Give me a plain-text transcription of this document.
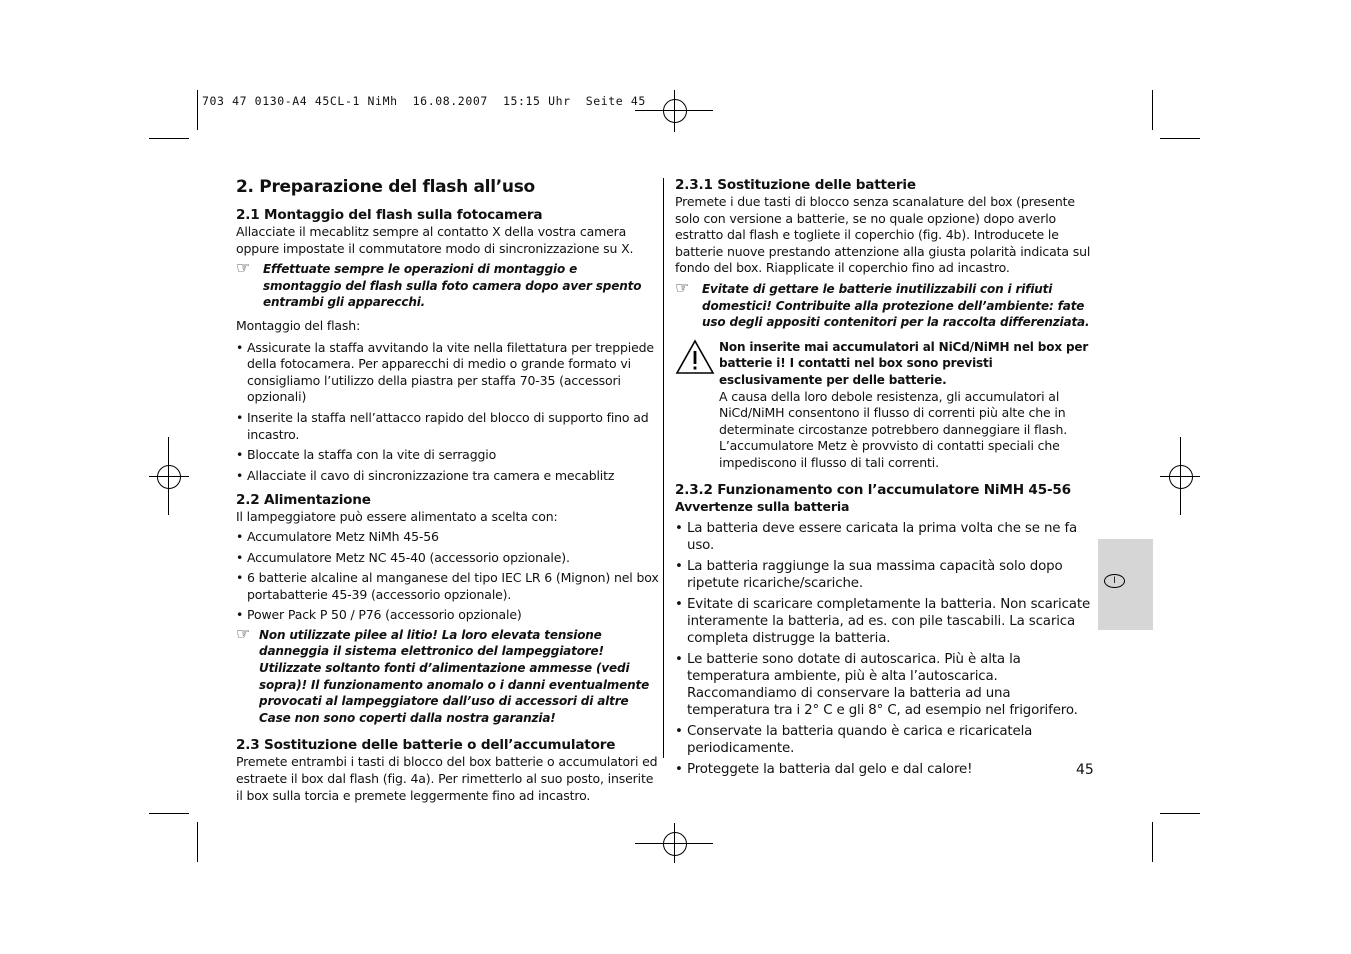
703 47 0130-A4 45CL-1 NiMh  16.08.2007  15:15 Uhr  Seite 45
I
45
2. Preparazione del flash all’uso
2.1 Montaggio del flash sulla fotocamera

Allacciate il mecablitz sempre al contatto X della vostra camera oppure impostate il commutatore modo di sincronizzazione su X.

☞ Effettuate sempre le operazioni di montaggio e smontaggio del flash sulla foto camera dopo aver spento entrambi gli apparecchi.

Montaggio del flash:

• Assicurate la staffa avvitando la vite nella filettatura per treppiede della fotocamera. Per apparecchi di medio o grande formato vi consigliamo l’utilizzo della piastra per staffa 70-35 (accessori opzionali)
• Inserite la staffa nell’attacco rapido del blocco di supporto fino ad incastro.
• Bloccate la staffa con la vite di serraggio
• Allacciate il cavo di sincronizzazione tra camera e mecablitz
2.2 Alimentazione

Il lampeggiatore può essere alimentato a scelta con:

• Accumulatore Metz NiMh 45-56
• Accumulatore Metz NC 45-40 (accessorio opzionale).
• 6 batterie alcaline al manganese del tipo IEC LR 6 (Mignon) nel box portabatterie 45-39 (accessorio opzionale).
• Power Pack P 50 / P76 (accessorio opzionale)
☞ Non utilizzate pilee al litio! La loro elevata tensione danneggia il sistema elettronico del lampeggiatore! Utilizzate soltanto fonti d’alimentazione ammesse (vedi sopra)! Il funzionamento anomalo o i danni eventualmente provocati al lampeggiatore dall’uso di accessori di altre Case non sono coperti dalla nostra garanzia!
2.3 Sostituzione delle batterie o dell’accumulatore

Premete entrambi i tasti di blocco del box batterie o accumulatori ed estraete il box dal flash (fig. 4a). Per rimetterlo al suo posto, inserite il box sulla torcia e premete leggermente fino ad incastro.

2.3.1 Sostituzione delle batterie

Premete i due tasti di blocco senza scanalature del box (presente solo con versione a batterie, se no quale opzione) dopo averlo estratto dal flash e togliete il coperchio (fig. 4b). Introducete le batterie nuove prestando attenzione alla giusta polarità indicata sul fondo del box. Riapplicate il coperchio fino ad incastro.

☞ Evitate di gettare le batterie inutilizzabili con i rifiuti domestici! Contribuite alla protezione dell’ambiente: fate uso degli appositi contenitori per la raccolta differenziata.

Non inserite mai accumulatori al NiCd/NiMH nel box per batterie i! I contatti nel box sono previsti esclusivamente per delle batterie.

A causa della loro debole resistenza, gli accumulatori al NiCd/NiMH consentono il flusso di correnti più alte che in determinate circostanze potrebbero danneggiare il flash. L’accumulatore Metz è provvisto di contatti speciali che impediscono il flusso di tali correnti.

2.3.2 Funzionamento con l’accumulatore NiMH 45-56

Avvertenze sulla batteria

• La batteria deve essere caricata la prima volta che se ne fa uso.
• La batteria raggiunge la sua massima capacità solo dopo ripetute ricariche/scariche.
• Evitate di scaricare completamente la batteria. Non scaricate interamente la batteria, ad es. con pile tascabili. La scarica completa distrugge la batteria.
• Le batterie sono dotate di autoscarica. Più è alta la temperatura ambiente, più è alta l’autoscarica. Raccomandiamo di conservare la batteria ad una temperatura tra i 2° C e gli 8° C, ad esempio nel frigorifero.
• Conservate la batteria quando è carica e ricaricatela periodicamente.
• Proteggete la batteria dal gelo e dal calore!
